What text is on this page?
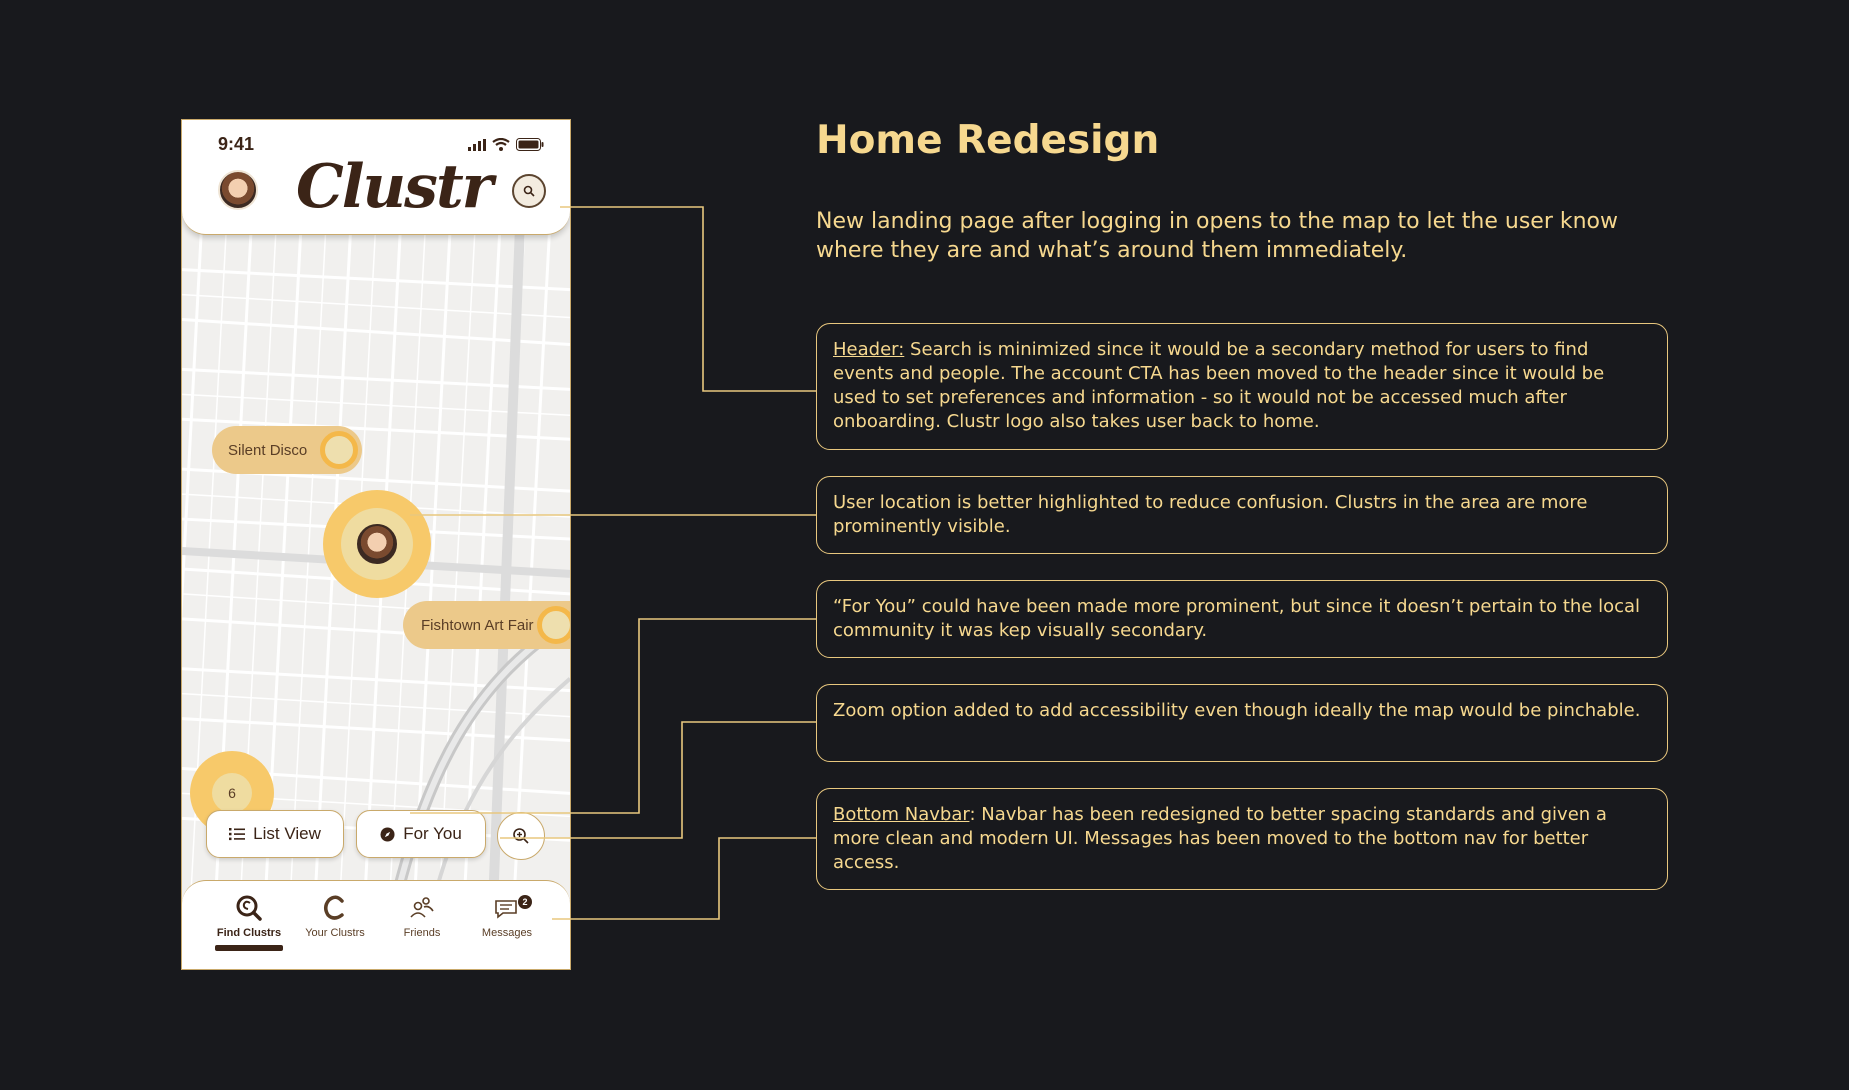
9:41
Clustr
Silent Disco
Fishtown Art Fair
6
List View	For You
Find Clustrs Your Clustrs	Friends
2
Messages
Home Redesign

New landing page after logging in opens to the map to let the user know where they are and what’s around them immediately.

Header: Search is minimized since it would be a secondary method for users to find events and people. The account CTA has been moved to the header since it would be used to set preferences and information - so it would not be accessed much after onboarding. Clustr logo also takes user back to home.
User location is better highlighted to reduce confusion. Clustrs in the area are more prominently visible.
“For You” could have been made more prominent, but since it doesn’t pertain to the local community it was kep visually secondary.
Zoom option added to add accessibility even though ideally the map would be pinchable.
Bottom Navbar: Navbar has been redesigned to better spacing standards and given a more clean and modern UI. Messages has been moved to the bottom nav for better access.
